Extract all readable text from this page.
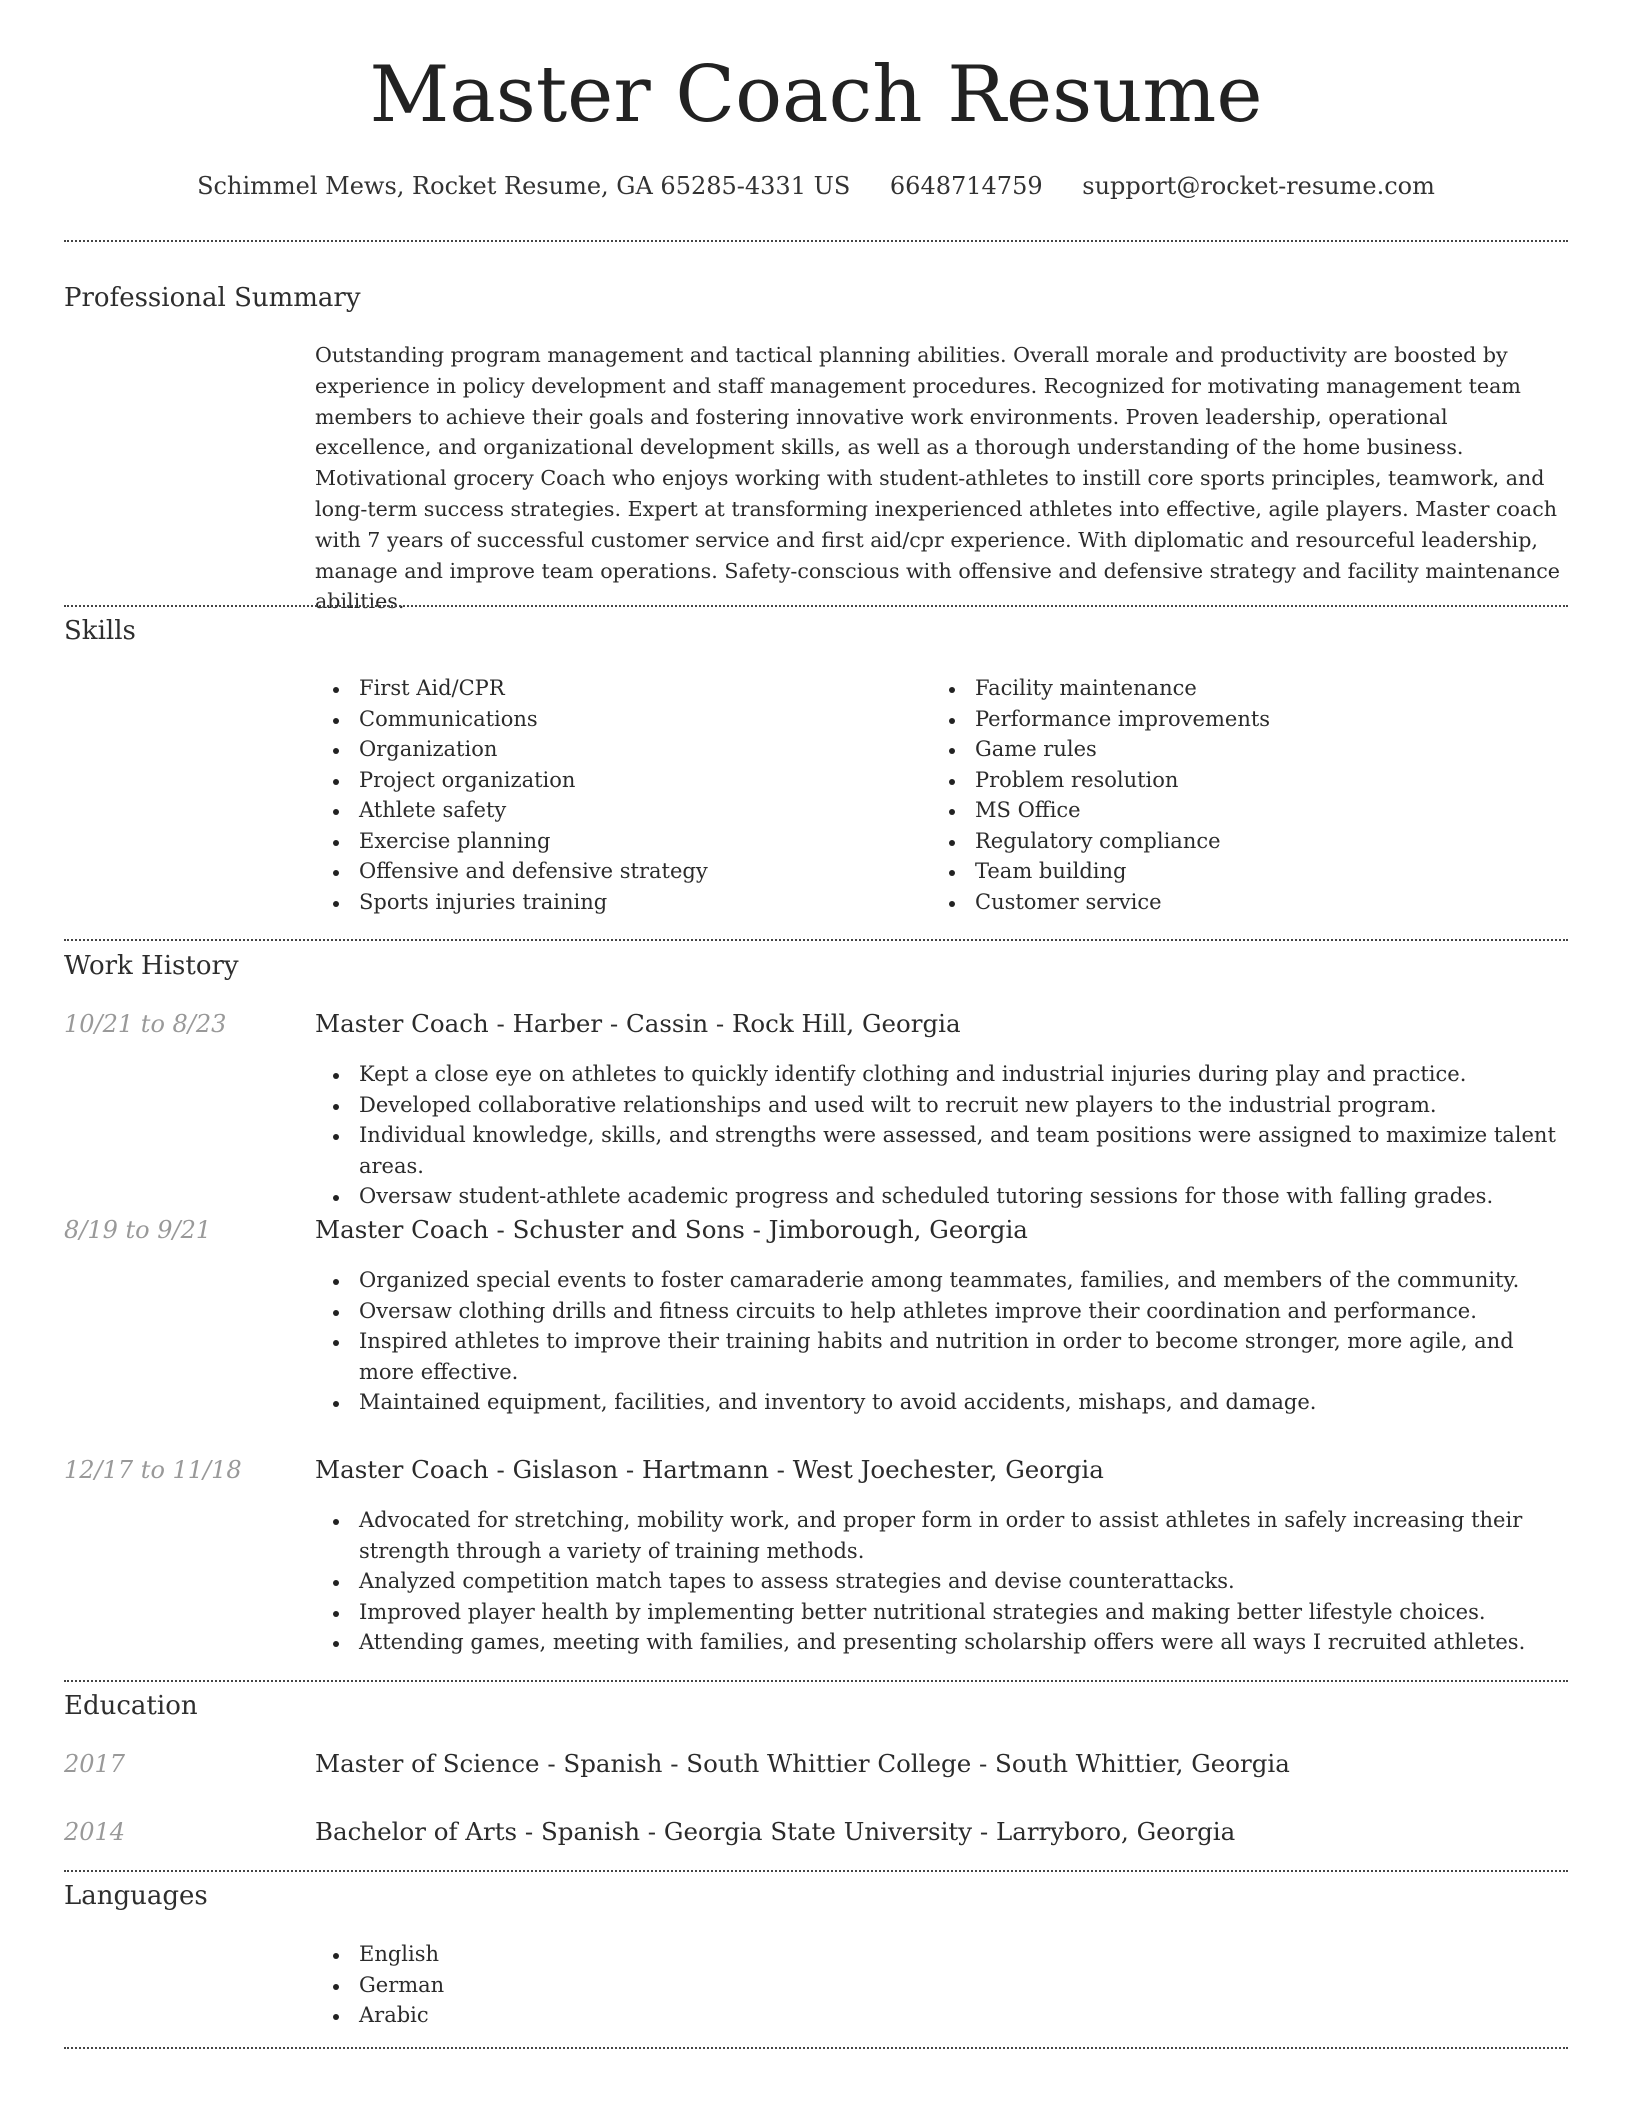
Master Coach Resume
Schimmel Mews, Rocket Resume, GA 65285-4331 US 6648714759 support@rocket-resume.com
Professional Summary
Outstanding program management and tactical planning abilities. Overall morale and productivity are boosted by experience in policy development and staff management procedures. Recognized for motivating management team members to achieve their goals and fostering innovative work environments. Proven leadership, operational excellence, and organizational development skills, as well as a thorough understanding of the home business. Motivational grocery Coach who enjoys working with student-athletes to instill core sports principles, teamwork, and long-term success strategies. Expert at transforming inexperienced athletes into effective, agile players. Master coach with 7 years of successful customer service and first aid/cpr experience. With diplomatic and resourceful leadership, manage and improve team operations. Safety-conscious with offensive and defensive strategy and facility maintenance abilities.
Skills
First Aid/CPR
Communications
Organization
Project organization
Athlete safety
Exercise planning
Offensive and defensive strategy
Sports injuries training
Facility maintenance
Performance improvements
Game rules
Problem resolution
MS Office
Regulatory compliance
Team building
Customer service
Work History
10/21 to 8/23	Master Coach - Harber - Cassin - Rock Hill, Georgia
Kept a close eye on athletes to quickly identify clothing and industrial injuries during play and practice.
Developed collaborative relationships and used wilt to recruit new players to the industrial program.
Individual knowledge, skills, and strengths were assessed, and team positions were assigned to maximize talent areas.
Oversaw student-athlete academic progress and scheduled tutoring sessions for those with falling grades.
8/19 to 9/21	Master Coach - Schuster and Sons - Jimborough, Georgia
Organized special events to foster camaraderie among teammates, families, and members of the community.
Oversaw clothing drills and fitness circuits to help athletes improve their coordination and performance.
Inspired athletes to improve their training habits and nutrition in order to become stronger, more agile, and more effective.
Maintained equipment, facilities, and inventory to avoid accidents, mishaps, and damage.
12/17 to 11/18	Master Coach - Gislason - Hartmann - West Joechester, Georgia
Advocated for stretching, mobility work, and proper form in order to assist athletes in safely increasing their strength through a variety of training methods.
Analyzed competition match tapes to assess strategies and devise counterattacks.
Improved player health by implementing better nutritional strategies and making better lifestyle choices.
Attending games, meeting with families, and presenting scholarship offers were all ways I recruited athletes.
Education
2017	Master of Science - Spanish - South Whittier College - South Whittier, Georgia
2014	Bachelor of Arts - Spanish - Georgia State University - Larryboro, Georgia
Languages
English
German
Arabic
